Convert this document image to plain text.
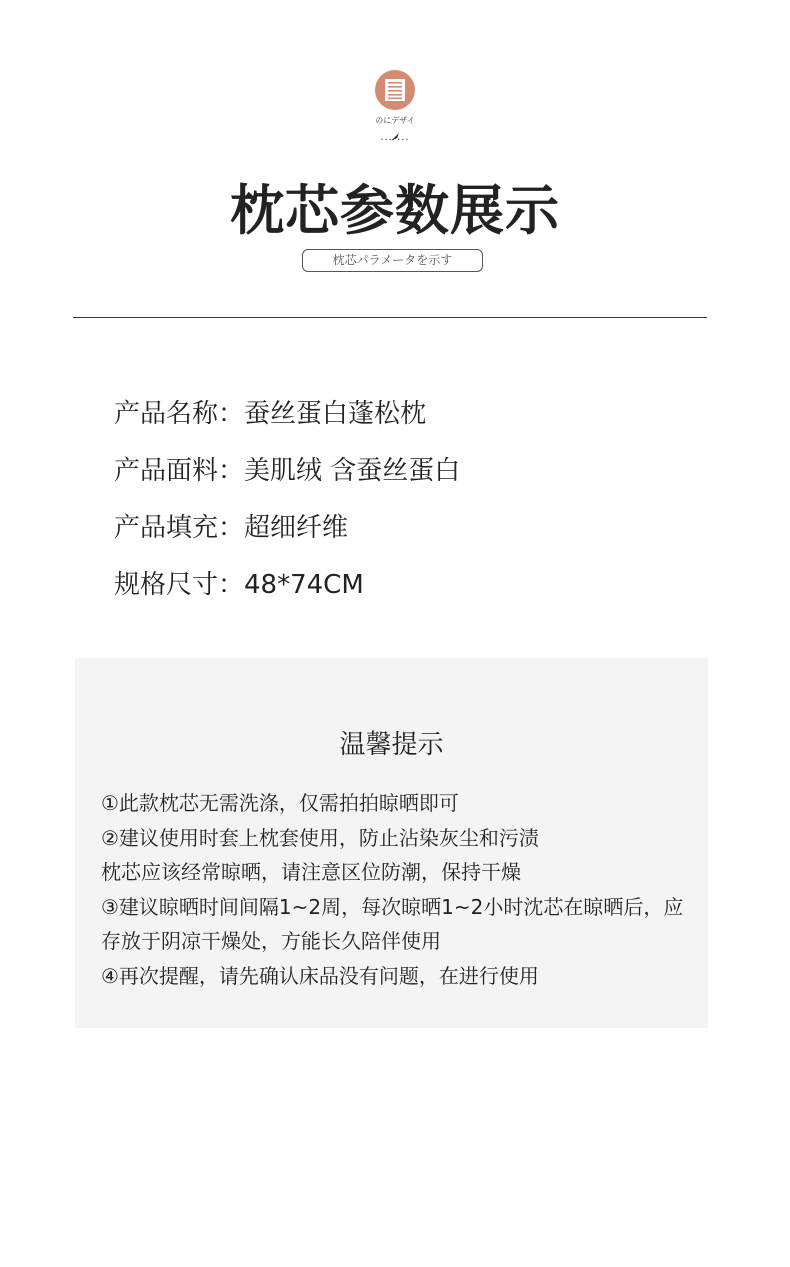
のにデザイ
··· ···
枕芯参数展示
枕芯パラメータを示す
产品名称：蚕丝蛋白蓬松枕
产品面料：美肌绒 含蚕丝蛋白
产品填充：超细纤维
规格尺寸：48*74CM
温馨提示
①此款枕芯无需洗涤，仅需拍拍晾晒即可
②建议使用时套上枕套使用，防止沾染灰尘和污渍
枕芯应该经常晾晒，请注意区位防潮，保持干燥
③建议晾晒时间间隔1~2周，每次晾晒1~2小时沈芯在晾晒后，应
存放于阴凉干燥处，方能长久陪伴使用
④再次提醒，请先确认床品没有问题，在进行使用
